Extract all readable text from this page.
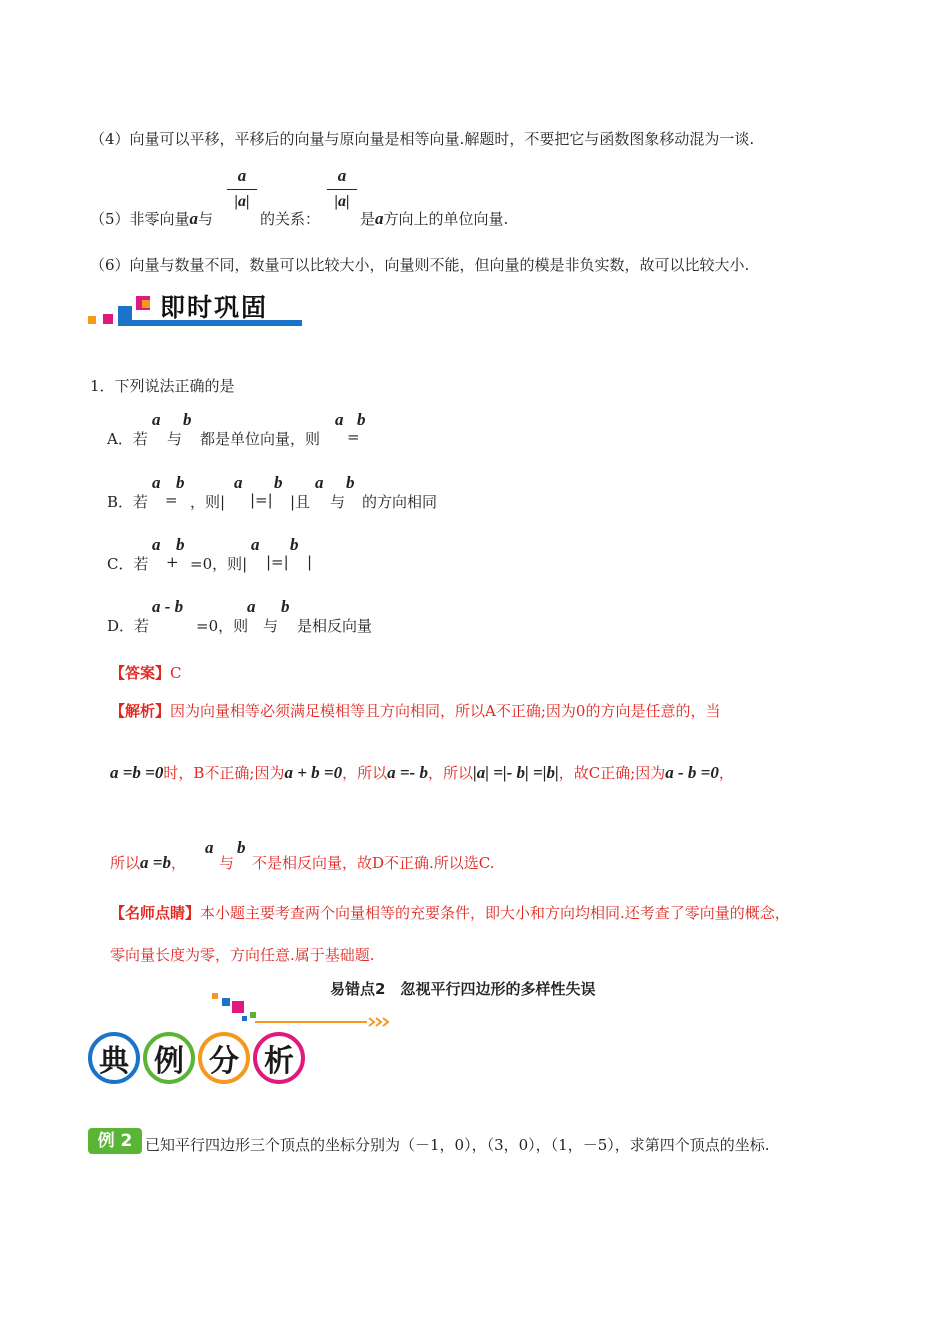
（4）向量可以平移，平移后的向量与原向量是相等向量.解题时，不要把它与函数图象移动混为一谈.
a
|a|
a
|a|
（5）非零向量a与	的关系：	是a方向上的单位向量.
（6）向量与数量不同，数量可以比较大小，向量则不能，但向量的模是非负实数，故可以比较大小.
即时巩固
1．下列说法正确的是
a b	a b
A．若 与 都是单位向量，则 =
a b	a b a b
B．若 = ，则| |=| |且 与 的方向相同
a b	a b
C．若 + =0，则| |=| |
a - b	a b
D．若	=0，则 与 是相反向量
【答案】C
【解析】因为向量相等必须满足模相等且方向相同，所以A不正确;因为0的方向是任意的，当
a =b =0时，B不正确;因为a + b =0，所以a =- b，所以|a| =|- b| =|b|，故C正确;因为a - b =0，
a b
所以a =b， 与 不是相反向量，故D不正确.所以选C.
【名师点睛】本小题主要考查两个向量相等的充要条件，即大小和方向均相同.还考查了零向量的概念，
零向量长度为零，方向任意.属于基础题.
易错点2　忽视平行四边形的多样性失误
典 例 分 析
例 2 已知平行四边形三个顶点的坐标分别为（－1，0），（3，0），（1，－5），求第四个顶点的坐标.
